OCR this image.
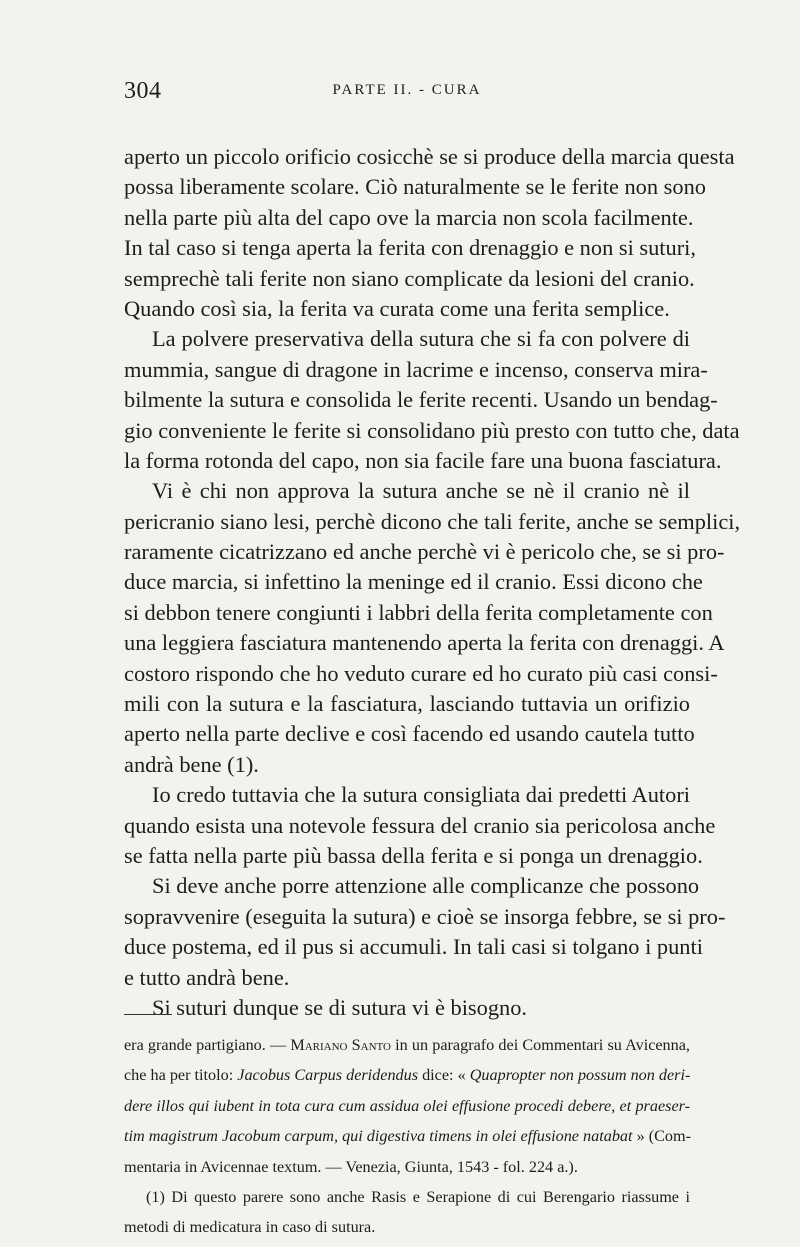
304	PARTE II. - CURA
aperto un piccolo orificio cosicchè se si produce della marcia questa
possa liberamente scolare. Ciò naturalmente se le ferite non sono
nella parte più alta del capo ove la marcia non scola facilmente.
In tal caso si tenga aperta la ferita con drenaggio e non si suturi,
semprechè tali ferite non siano complicate da lesioni del cranio.
Quando così sia, la ferita va curata come una ferita semplice.
La polvere preservativa della sutura che si fa con polvere di
mummia, sangue di dragone in lacrime e incenso, conserva mira-
bilmente la sutura e consolida le ferite recenti. Usando un bendag-
gio conveniente le ferite si consolidano più presto con tutto che, data
la forma rotonda del capo, non sia facile fare una buona fasciatura.
Vi è chi non approva la sutura anche se nè il cranio nè il
pericranio siano lesi, perchè dicono che tali ferite, anche se semplici,
raramente cicatrizzano ed anche perchè vi è pericolo che, se si pro-
duce marcia, si infettino la meninge ed il cranio. Essi dicono che
si debbon tenere congiunti i labbri della ferita completamente con
una leggiera fasciatura mantenendo aperta la ferita con drenaggi. A
costoro rispondo che ho veduto curare ed ho curato più casi consi-
mili con la sutura e la fasciatura, lasciando tuttavia un orifizio
aperto nella parte declive e così facendo ed usando cautela tutto
andrà bene (1).
Io credo tuttavia che la sutura consigliata dai predetti Autori
quando esista una notevole fessura del cranio sia pericolosa anche
se fatta nella parte più bassa della ferita e si ponga un drenaggio.
Si deve anche porre attenzione alle complicanze che possono
sopravvenire (eseguita la sutura) e cioè se insorga febbre, se si pro-
duce postema, ed il pus si accumuli. In tali casi si tolgano i punti
e tutto andrà bene.
Si suturi dunque se di sutura vi è bisogno.
era grande partigiano. — Mariano Santo in un paragrafo dei Commentari su Avicenna,
che ha per titolo: Jacobus Carpus deridendus dice: « Quapropter non possum non deri-
dere illos qui iubent in tota cura cum assidua olei effusione procedi debere, et praeser-
tim magistrum Jacobum carpum, qui digestiva timens in olei effusione natabat » (Com-
mentaria in Avicennae textum. — Venezia, Giunta, 1543 - fol. 224 a.).
(1) Di questo parere sono anche Rasis e Serapione di cui Berengario riassume i
metodi di medicatura in caso di sutura.
